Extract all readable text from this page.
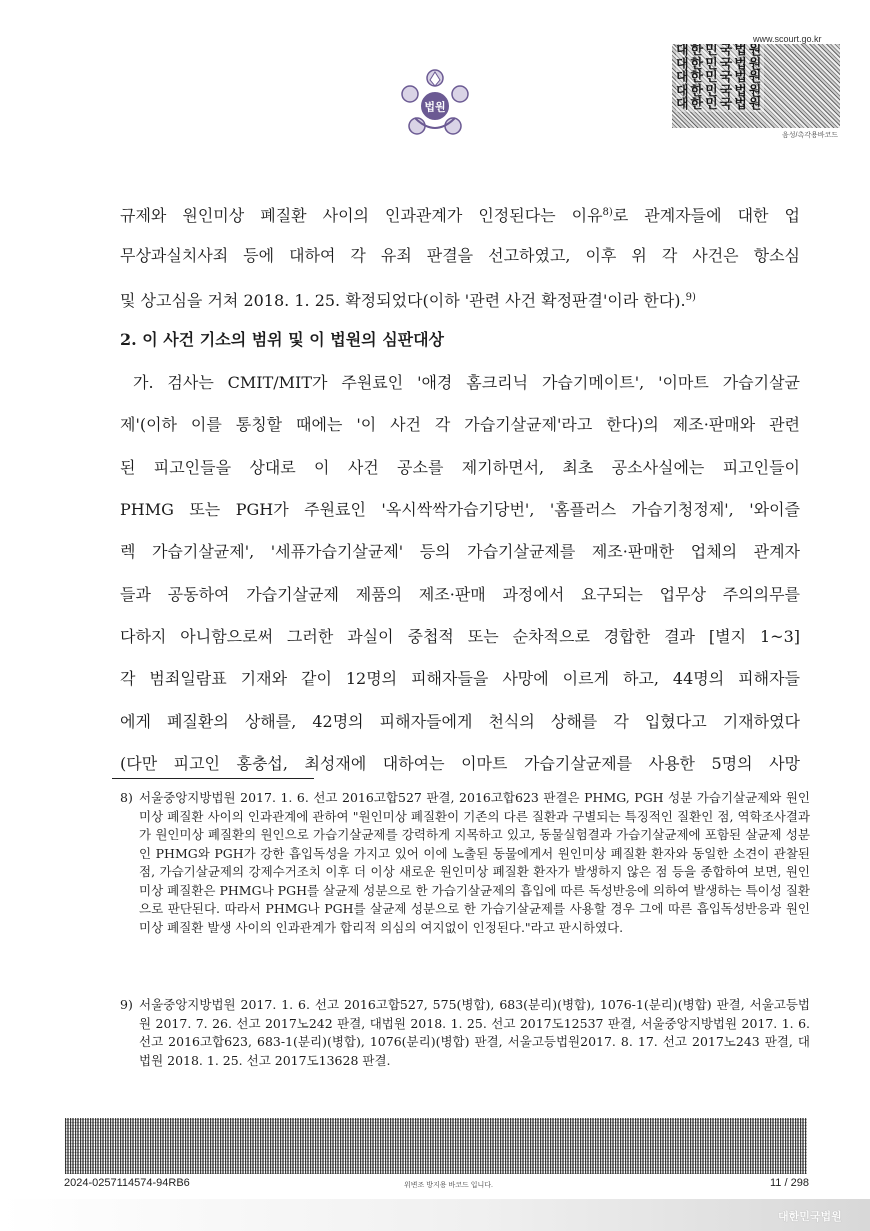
www.scourt.go.kr
법원
대한민국법원대한민국법원대한민국법원대한민국법원대한민국법원
음성/촉각용바코드
규제와 원인미상 폐질환 사이의 인과관계가 인정된다는 이유$^{8)}$로 관계자들에 대한 업
무상과실치사죄 등에 대하여 각 유죄 판결을 선고하였고, 이후 위 각 사건은 항소심
및 상고심을 거쳐 2018. 1. 25. 확정되었다(이하 '관련 사건 확정판결'이라 한다).$^{9)}$
2. 이 사건 기소의 범위 및 이 법원의 심판대상
가. 검사는 CMIT/MIT가 주원료인 '애경 홈크리닉 가습기메이트', '이마트 가습기살균
제'(이하 이를 통칭할 때에는 '이 사건 각 가습기살균제'라고 한다)의 제조·판매와 관련
된 피고인들을 상대로 이 사건 공소를 제기하면서, 최초 공소사실에는 피고인들이
PHMG 또는 PGH가 주원료인 '옥시싹싹가습기당번', '홈플러스 가습기청정제', '와이즐
렉 가습기살균제', '세퓨가습기살균제' 등의 가습기살균제를 제조·판매한 업체의 관계자
들과 공동하여 가습기살균제 제품의 제조·판매 과정에서 요구되는 업무상 주의의무를
다하지 아니함으로써 그러한 과실이 중첩적 또는 순차적으로 경합한 결과 [별지 1~3]
각 범죄일람표 기재와 같이 12명의 피해자들을 사망에 이르게 하고, 44명의 피해자들
에게 폐질환의 상해를, 42명의 피해자들에게 천식의 상해를 각 입혔다고 기재하였다
(다만 피고인 홍충섭, 최성재에 대하여는 이마트 가습기살균제를 사용한 5명의 사망
8) 서울중앙지방법원 2017. 1. 6. 선고 2016고합527 판결, 2016고합623 판결은 PHMG, PGH 성분 가습기살균제와 원인미상 폐질환 사이의 인과관계에 관하여 "원인미상 폐질환이 기존의 다른 질환과 구별되는 특징적인 질환인 점, 역학조사결과가 원인미상 폐질환의 원인으로 가습기살균제를 강력하게 지목하고 있고, 동물실험결과 가습기살균제에 포함된 살균제 성분인 PHMG와 PGH가 강한 흡입독성을 가지고 있어 이에 노출된 동물에게서 원인미상 폐질환 환자와 동일한 소견이 관찰된 점, 가습기살균제의 강제수거조치 이후 더 이상 새로운 원인미상 폐질환 환자가 발생하지 않은 점 등을 종합하여 보면, 원인미상 폐질환은 PHMG나 PGH를 살균제 성분으로 한 가습기살균제의 흡입에 따른 독성반응에 의하여 발생하는 특이성 질환으로 판단된다. 따라서 PHMG나 PGH를 살균제 성분으로 한 가습기살균제를 사용할 경우 그에 따른 흡입독성반응과 원인미상 폐질환 발생 사이의 인과관계가 합리적 의심의 여지없이 인정된다."라고 판시하였다.
9) 서울중앙지방법원 2017. 1. 6. 선고 2016고합527, 575(병합), 683(분리)(병합), 1076-1(분리)(병합) 판결, 서울고등법원 2017. 7. 26. 선고 2017노242 판결, 대법원 2018. 1. 25. 선고 2017도12537 판결, 서울중앙지방법원 2017. 1. 6. 선고 2016고합623, 683-1(분리)(병합), 1076(분리)(병합) 판결, 서울고등법원2017. 8. 17. 선고 2017노243 판결, 대법원 2018. 1. 25. 선고 2017도13628 판결.
2024-0257114574-94RB6	위변조 방지용 바코드 입니다.	11 / 298
대한민국법원
